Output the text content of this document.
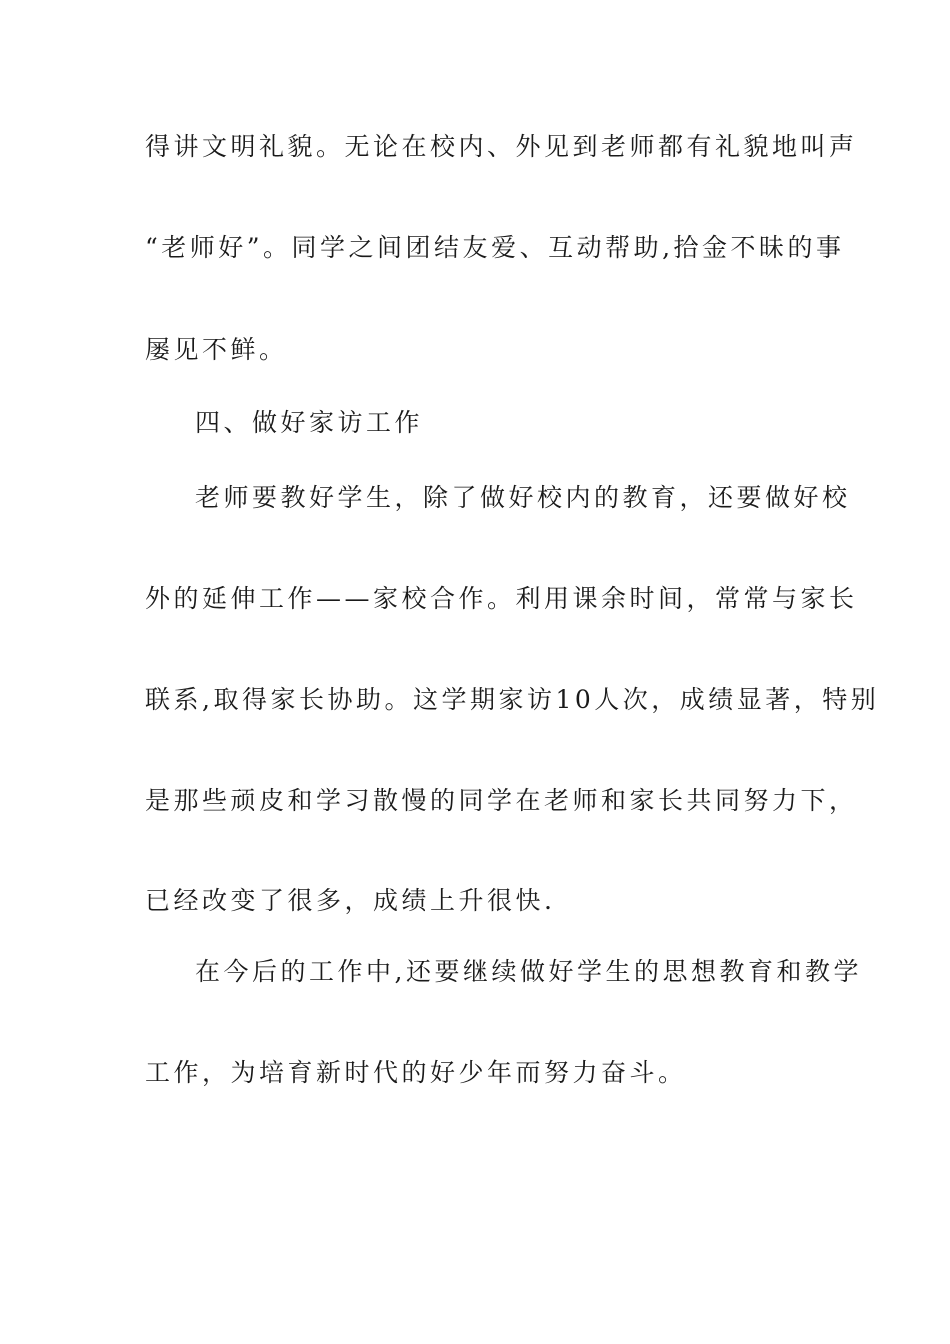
得讲文明礼貌。无论在校内、外见到老师都有礼貌地叫声
“老师好”。同学之间团结友爱、互动帮助,拾金不昧的事
屡见不鲜。
四、做好家访工作
老师要教好学生，除了做好校内的教育，还要做好校
外的延伸工作——家校合作。利用课余时间，常常与家长
联系,取得家长协助。这学期家访10人次，成绩显著，特别
是那些顽皮和学习散慢的同学在老师和家长共同努力下，
已经改变了很多，成绩上升很快.
在今后的工作中,还要继续做好学生的思想教育和教学
工作，为培育新时代的好少年而努力奋斗。
